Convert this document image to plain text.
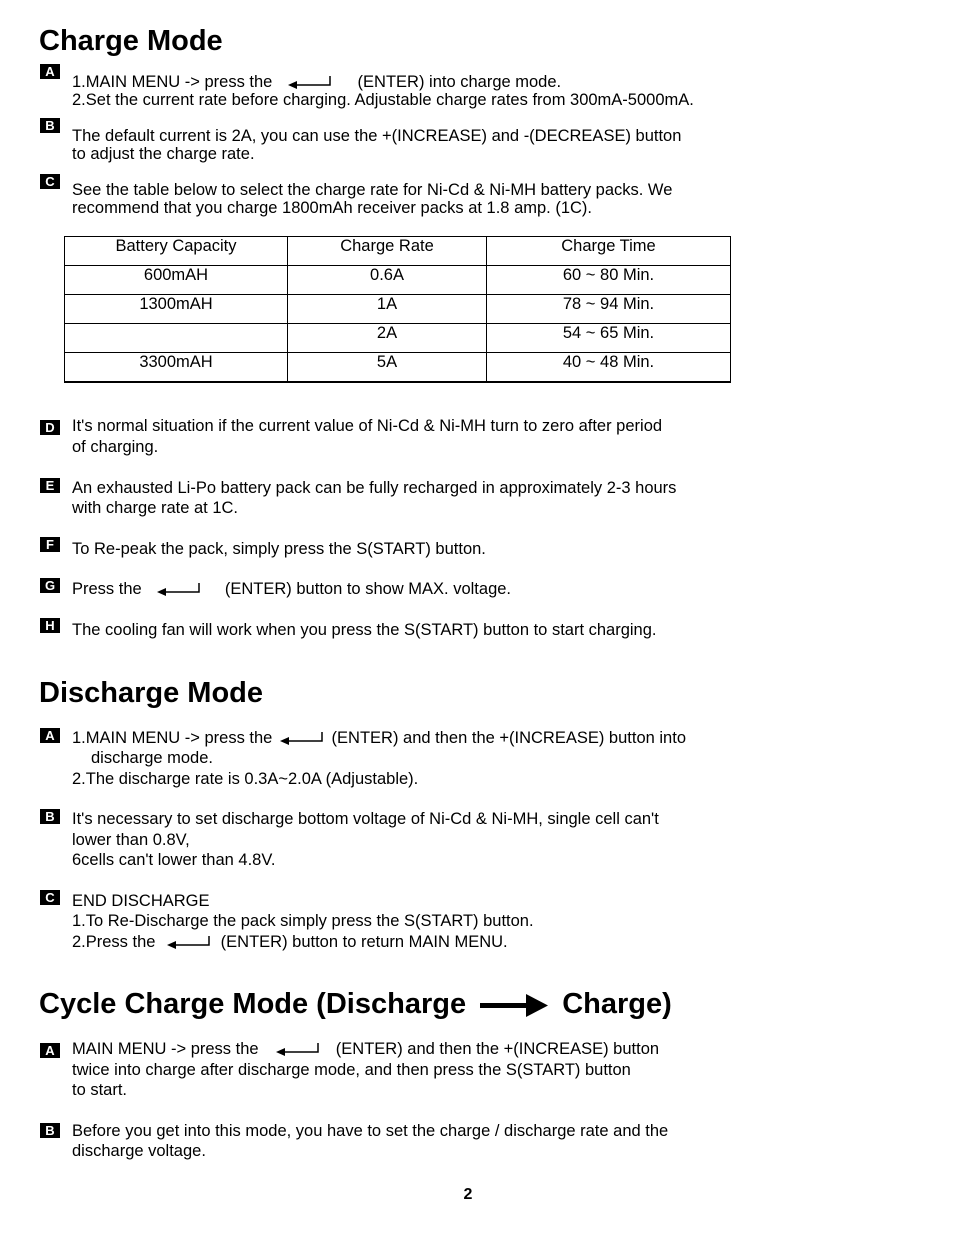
Charge Mode
A
1.MAIN MENU -> press the	(ENTER) into charge mode.
2.Set the current rate before charging. Adjustable charge rates from 300mA-5000mA.
B
The default current is 2A, you can use the +(INCREASE) and -(DECREASE) button
to adjust the charge rate.
C	See the table below to select the charge rate for Ni-Cd & Ni-MH battery packs. We
recommend that you charge 1800mAh receiver packs at 1.8 amp. (1C).
Battery Capacity	Charge Rate	Charge Time
600mAH	0.6A	60 ~ 80 Min.
1300mAH	1A	78 ~ 94 Min.
	2A	54 ~ 65 Min.
3300mAH	5A	40 ~ 48 Min.
D	It's normal situation if the current value of Ni-Cd & Ni-MH turn to zero after period
of charging.
E	An exhausted Li-Po battery pack can be fully recharged in approximately 2-3 hours
with charge rate at 1C.
F	To Re-peak the pack, simply press the S(START) button.
G Press the	(ENTER) button to show MAX. voltage.
H	The cooling fan will work when you press the S(START) button to start charging.
Discharge Mode
A	1.MAIN MENU -> press the	(ENTER) and then the +(INCREASE) button into
discharge mode.
2.The discharge rate is 0.3A~2.0A (Adjustable).
B	It's necessary to set discharge bottom voltage of Ni-Cd & Ni-MH, single cell can't
lower than 0.8V,
6cells can't lower than 4.8V.
C	END DISCHARGE
1.To Re-Discharge the pack simply press the S(START) button.
2.Press the	(ENTER) button to return MAIN MENU.
Cycle Charge Mode (Discharge	Charge)
A	MAIN MENU -> press the	(ENTER) and then the +(INCREASE) button
twice into charge after discharge mode, and then press the S(START) button
to start.
B	Before you get into this mode, you have to set the charge / discharge rate and the
discharge voltage.
2
